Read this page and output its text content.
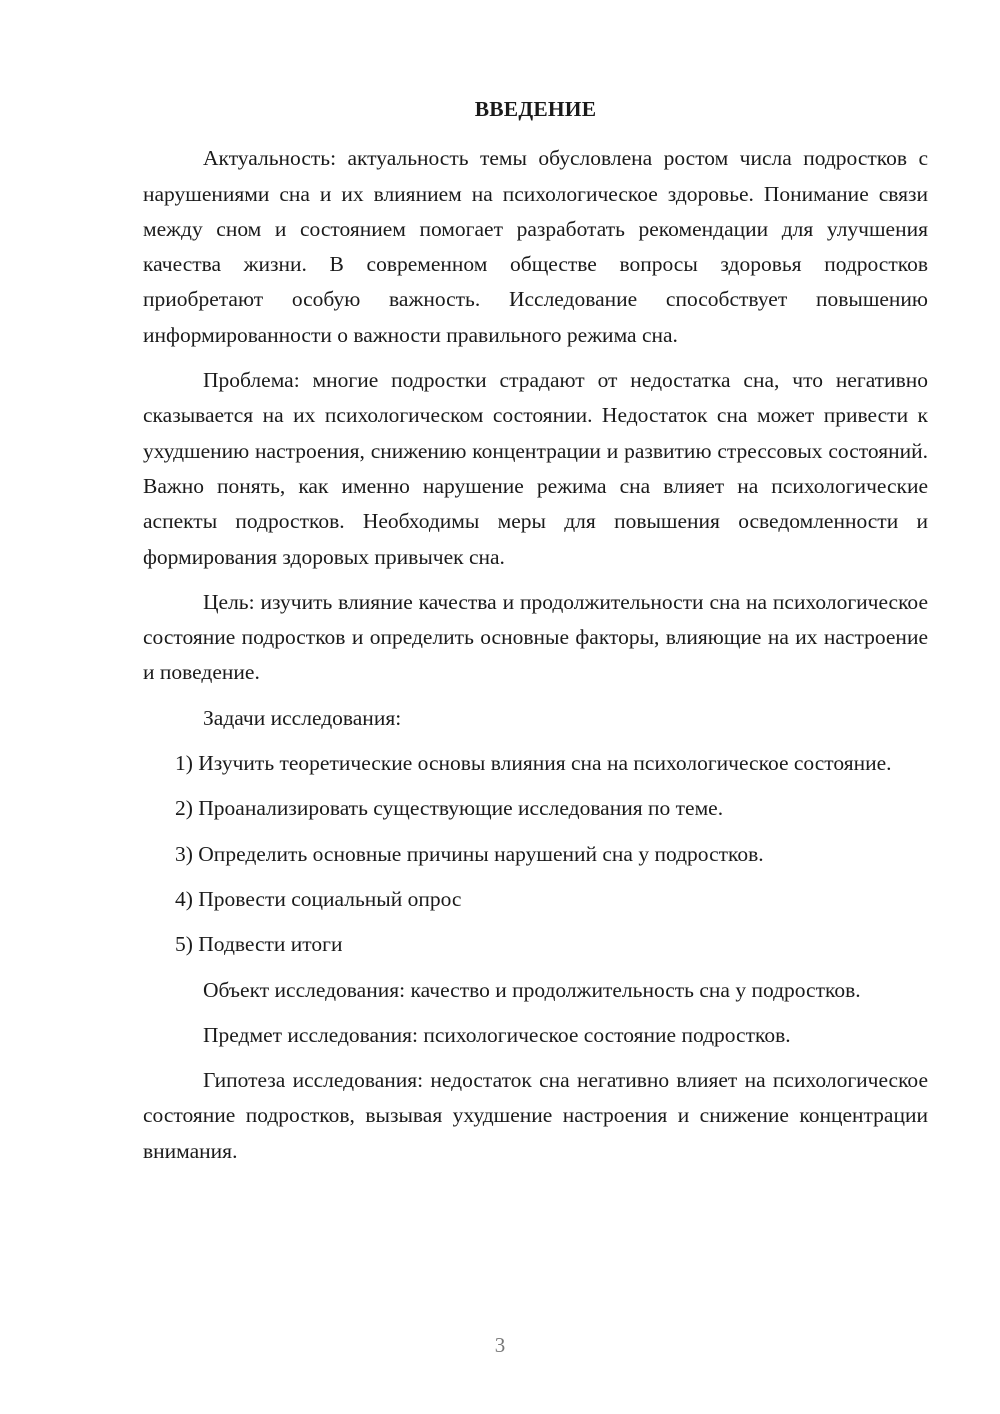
ВВЕДЕНИЕ

Актуальность: актуальность темы обусловлена ростом числа подростков с нарушениями сна и их влиянием на психологическое здоровье. Понимание связи между сном и состоянием помогает разработать рекомендации для улучшения качества жизни. В современном обществе вопросы здоровья подростков приобретают особую важность. Исследование способствует повышению информированности о важности правильного режима сна.

Проблема: многие подростки страдают от недостатка сна, что негативно сказывается на их психологическом состоянии. Недостаток сна может привести к ухудшению настроения, снижению концентрации и развитию стрессовых состояний. Важно понять, как именно нарушение режима сна влияет на психологические аспекты подростков. Необходимы меры для повышения осведомленности и формирования здоровых привычек сна.

Цель: изучить влияние качества и продолжительности сна на психологическое состояние подростков и определить основные факторы, влияющие на их настроение и поведение.

Задачи исследования:

1) Изучить теоретические основы влияния сна на психологическое состояние.

2) Проанализировать существующие исследования по теме.

3) Определить основные причины нарушений сна у подростков.

4) Провести социальный опрос

5) Подвести итоги

Объект исследования: качество и продолжительность сна у подростков.

Предмет исследования: психологическое состояние подростков.

Гипотеза исследования: недостаток сна негативно влияет на психологическое состояние подростков, вызывая ухудшение настроения и снижение концентрации внимания.

3
